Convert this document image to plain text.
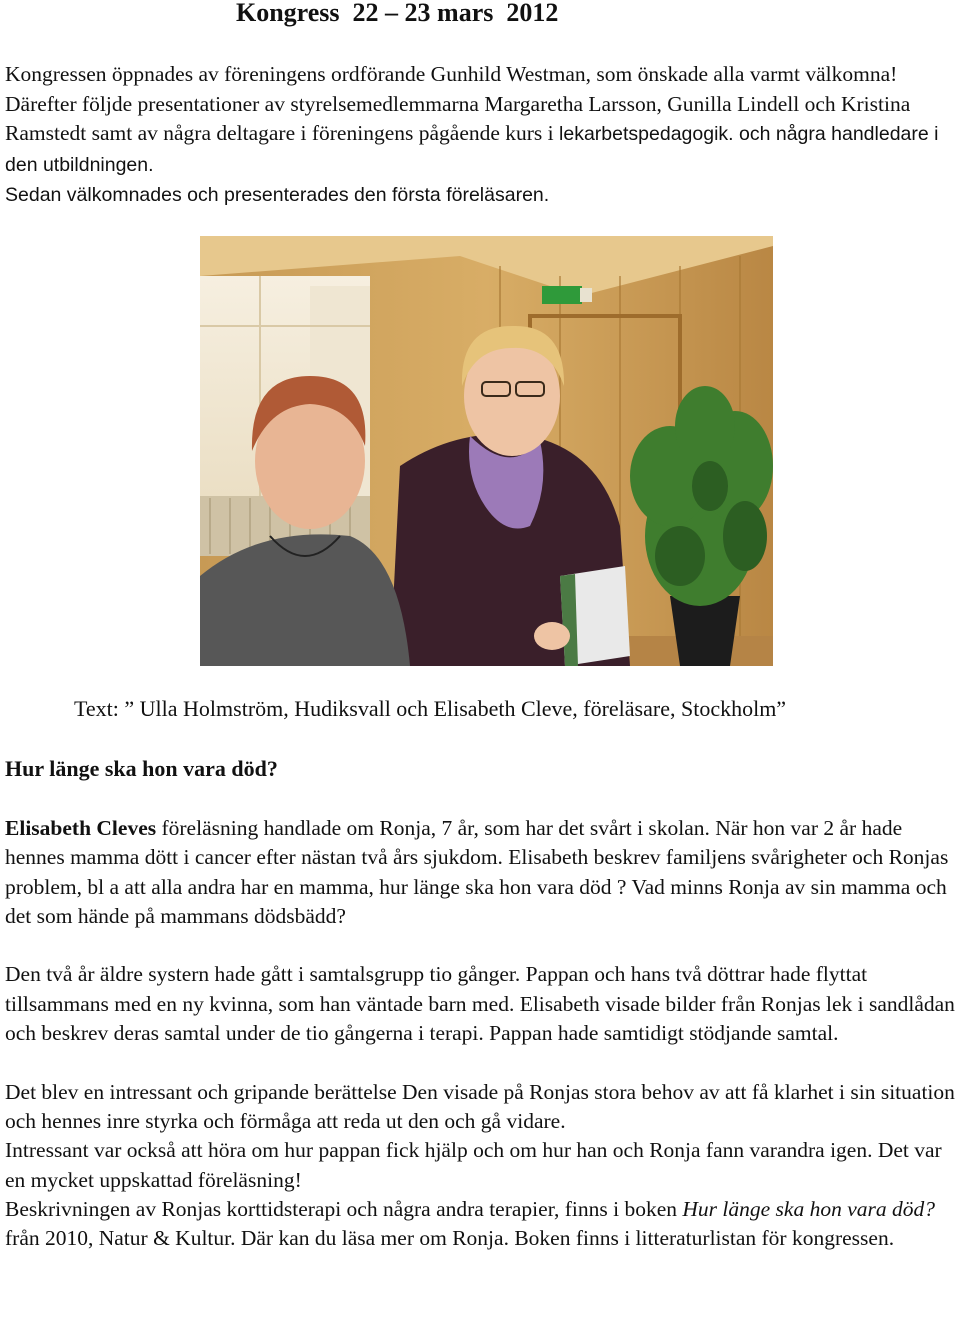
Kongress  22 – 23 mars  2012
Kongressen öppnades av föreningens ordförande Gunhild Westman, som önskade alla varmt välkomna! Därefter följde presentationer av styrelsemedlemmarna Margaretha Larsson, Gunilla Lindell och Kristina Ramstedt samt av några deltagare i föreningens pågående kurs i lekarbetspedagogik. och några handledare i den utbildningen.
Sedan välkomnades och presenterades den första föreläsaren.
Text: ” Ulla Holmström, Hudiksvall och Elisabeth Cleve, föreläsare, Stockholm”
Hur länge ska hon vara död?

Elisabeth Cleves föreläsning handlade om Ronja, 7 år, som har det svårt i skolan. När hon var 2 år hade hennes mamma dött i cancer efter nästan två års sjukdom. Elisabeth beskrev familjens svårigheter och Ronjas problem, bl a att alla andra har en mamma, hur länge ska hon vara död ? Vad minns Ronja av sin mamma och det som hände på mammans dödsbädd?

Den två år äldre systern hade gått i samtalsgrupp tio gånger. Pappan och hans två döttrar hade flyttat tillsammans med en ny kvinna, som han väntade barn med. Elisabeth visade bilder från Ronjas lek i sandlådan och beskrev deras samtal under de tio gångerna i terapi. Pappan hade samtidigt stödjande samtal.

Det blev en intressant och gripande berättelse Den visade på Ronjas stora behov av att få klarhet i sin situation och hennes inre styrka och förmåga att reda ut den och gå vidare.
Intressant var också att höra om hur pappan fick hjälp och om hur han och Ronja fann varandra igen. Det var en mycket uppskattad föreläsning!
Beskrivningen av Ronjas korttidsterapi och några andra terapier, finns i boken Hur länge ska hon vara död? från 2010, Natur & Kultur. Där kan du läsa mer om Ronja. Boken finns i litteraturlistan för kongressen.
